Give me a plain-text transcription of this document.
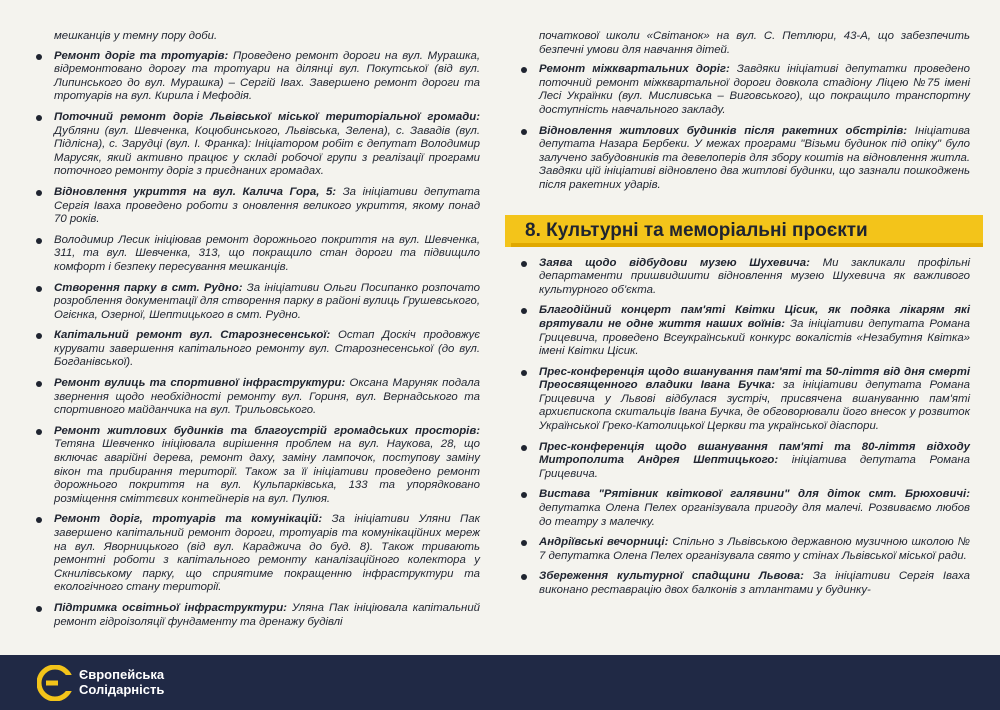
мешканців у темну пору доби.
Ремонт доріг та тротуарів: Проведено ремонт дороги на вул. Мурашка, відремонтовано дорогу та тротуари на ділянці вул. Покутської (від вул. Липинського до вул. Мурашка) – Сергій Івах. Завершено ремонт дороги та тротуарів на вул. Кирила і Мефодія.
Поточний ремонт доріг Львівської міської територіальної громади: Дубляни (вул. Шевченка, Коцюбинського, Львівська, Зелена), с. Завадів (вул. Підлісна), с. Зарудці (вул. І. Франка): Ініціатором робіт є депутат Володимир Марусяк, який активно працює у складі робочої групи з реалізації програми поточного ремонту доріг з приєднаних громадах.
Відновлення укриття на вул. Калича Гора, 5: За ініціативи депутата Сергія Іваха проведено роботи з оновлення великого укриття, якому понад 70 років.
Володимир Лесик ініціював ремонт дорожнього покриття на вул. Шевченка, 311, та вул. Шевченка, 313, що покращило стан дороги та підвищило комфорт і безпеку пересування мешканців.
Створення парку в смт. Рудно: За ініціативи Ольги Посипанко розпочато розроблення документації для створення парку в районі вулиць Грушевського, Огієнка, Озерної, Шептицького в смт. Рудно.
Капітальний ремонт вул. Старознесенської: Остап Доскіч продовжує курувати завершення капітального ремонту вул. Старознесенської (до вул. Богданівської).
Ремонт вулиць та спортивної інфраструктури: Оксана Маруняк подала звернення щодо необхідності ремонту вул. Гориня, вул. Вернадського та спортивного майданчика на вул. Трильовського.
Ремонт житлових будинків та благоустрій громадських просторів: Тетяна Шевченко ініціювала вирішення проблем на вул. Наукова, 28, що включає аварійні дерева, ремонт даху, заміну лампочок, поступову заміну вікон та прибирання території. Також за її ініціативи проведено ремонт дорожнього покриття на вул. Кульпарківська, 133 та упорядковано розміщення сміттєвих контейнерів на вул. Пулюя.
Ремонт доріг, тротуарів та комунікацій: За ініціативи Уляни Пак завершено капітальний ремонт дороги, тротуарів та комунікаційних мереж на вул. Яворницького (від вул. Караджича до буд. 8). Також тривають ремонтні роботи з капітального ремонту каналізаційного колектора у Скнилівському парку, що сприятиме покращенню інфраструктури та екологічного стану території.
Підтримка освітньої інфраструктури: Уляна Пак ініціювала капітальний ремонт гідроізоляції фундаменту та дренажу будівлі
початкової школи «Світанок» на вул. С. Петлюри, 43-А, що забезпечить безпечні умови для навчання дітей.
Ремонт міжквартальних доріг: Завдяки ініціативі депутатки проведено поточний ремонт міжквартальної дороги довкола стадіону Ліцею №75 імені Лесі Українки (вул. Мисливська – Виговського), що покращило транспортну доступність навчального закладу.
Відновлення житлових будинків після ракетних обстрілів: Ініціатива депутата Назара Бербеки. У межах програми "Візьми будинок під опіку" було залучено забудовників та девелоперів для збору коштів на відновлення житла. Завдяки цій ініціативі відновлено два житлові будинки, що зазнали пошкоджень після ракетних ударів.
8. Культурні та меморіальні проєкти
Заява щодо відбудови музею Шухевича: Ми закликали профільні департаменти пришвидшити відновлення музею Шухевича як важливого культурного об'єкта.
Благодійний концерт пам'яті Квітки Цісик, як подяка лікарям які врятували не одне життя наших воїнів: За ініціативи депутата Романа Грицевича, проведено Всеукраїнський конкурс вокалістів «Незабутня Квітка» імені Квітки Цісик.
Прес-конференція щодо вшанування пам'яті та 50-ліття від дня смерті Преосвященного владики Івана Бучка: за ініціативи депутата Романа Грицевича у Львові відбулася зустріч, присвячена вшануванню пам'яті архиєпископа скитальців Івана Бучка, де обговорювали його внесок у розвиток Української Греко-Католицької Церкви та української діаспори.
Прес-конференція щодо вшанування пам'яті та 80-ліття відходу Митрополита Андрея Шептицького: ініціатива депутата Романа Грицевича.
Вистава "Рятівник квіткової галявини" для діток смт. Брюховичі: депутатка Олена Пелех організувала пригоду для малечі. Розвиваємо любов до театру з малечку.
Андріївські вечорниці: Спільно з Львівською державною музичною школою № 7 депутатка Олена Пелех організувала свято у стінах Львівської міської ради.
Збереження культурної спадщини Львова: За ініціативи Сергія Іваха виконано реставрацію двох балконів з атлантами у будинку-
Європейська
Солідарність
